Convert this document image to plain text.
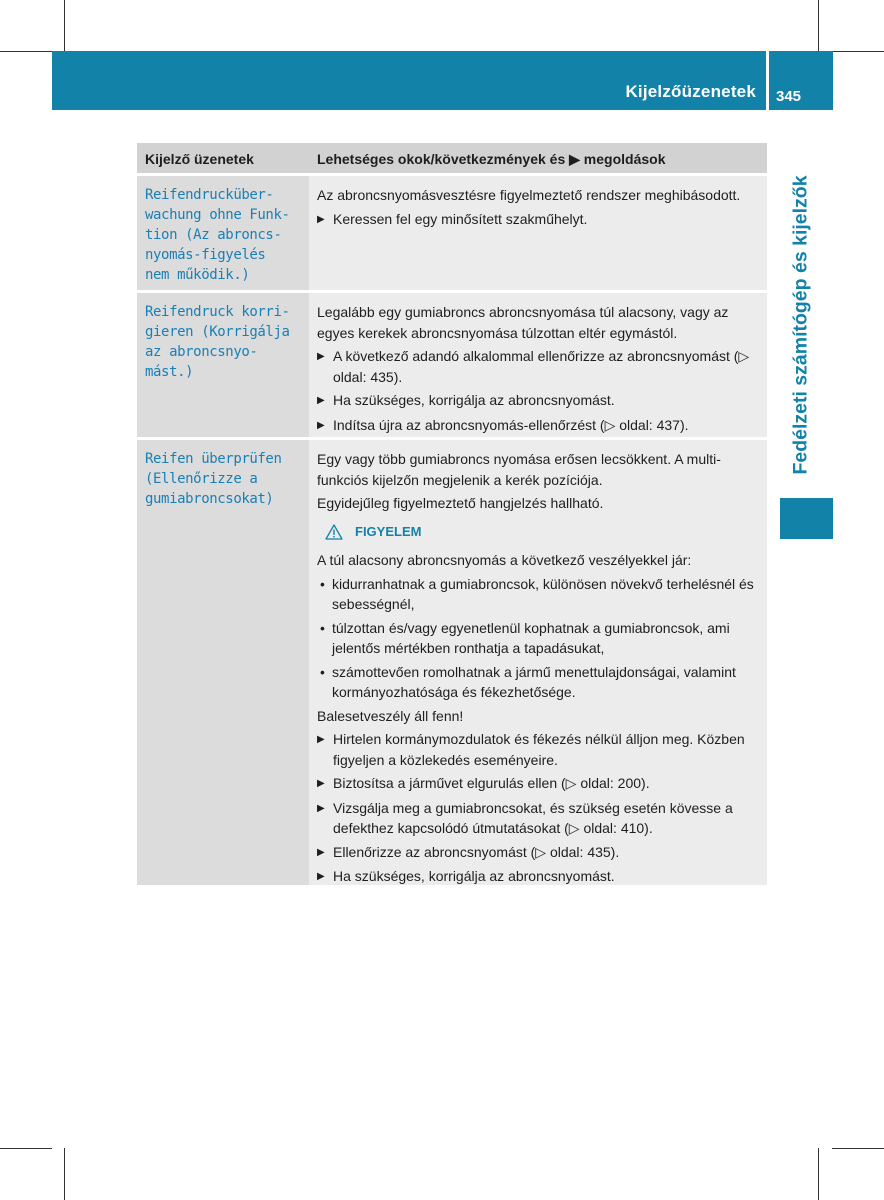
Kijelzőüzenetek 345
Fedélzeti számítógép és kijelzők
Kijelző üzenetek	Lehetséges okok/következmények és ▶ megoldások
Reifendrucküber-
wachung ohne Funk-
tion (Az abroncs-
nyomás-figyelés
nem működik.)
Az abroncsnyomásvesztésre figyelmeztető rendszer meghibásodott.
▶ Keressen fel egy minősített szakműhelyt.
Reifendruck korri-
gieren (Korrigálja
az abroncsnyo-
mást.)
Legalább egy gumiabroncs abroncsnyomása túl alacsony, vagy az egyes kerekek abroncsnyomása túlzottan eltér egymástól.
▶ A következő adandó alkalommal ellenőrizze az abroncsnyomást (▷ oldal: 435).
▶ Ha szükséges, korrigálja az abroncsnyomást.
▶ Indítsa újra az abroncsnyomás-ellenőrzést (▷ oldal: 437).
Reifen überprüfen
(Ellenőrizze a
gumiabroncsokat)
Egy vagy több gumiabroncs nyomása erősen lecsökkent. A multifunkciós kijelzőn megjelenik a kerék pozíciója.
Egyidejűleg figyelmeztető hangjelzés hallható.
FIGYELEM
A túl alacsony abroncsnyomás a következő veszélyekkel jár:
• kidurranhatnak a gumiabroncsok, különösen növekvő terhelésnél és sebességnél,
• túlzottan és/vagy egyenetlenül kophatnak a gumiabroncsok, ami jelentős mértékben ronthatja a tapadásukat,
• számottevően romolhatnak a jármű menettulajdonságai, valamint kormányozhatósága és fékezhetősége.
Balesetveszély áll fenn!
▶ Hirtelen kormánymozdulatok és fékezés nélkül álljon meg. Közben figyeljen a közlekedés eseményeire.
▶ Biztosítsa a járművet elgurulás ellen (▷ oldal: 200).
▶ Vizsgálja meg a gumiabroncsokat, és szükség esetén kövesse a defekthez kapcsolódó útmutatásokat (▷ oldal: 410).
▶ Ellenőrizze az abroncsnyomást (▷ oldal: 435).
▶ Ha szükséges, korrigálja az abroncsnyomást.
